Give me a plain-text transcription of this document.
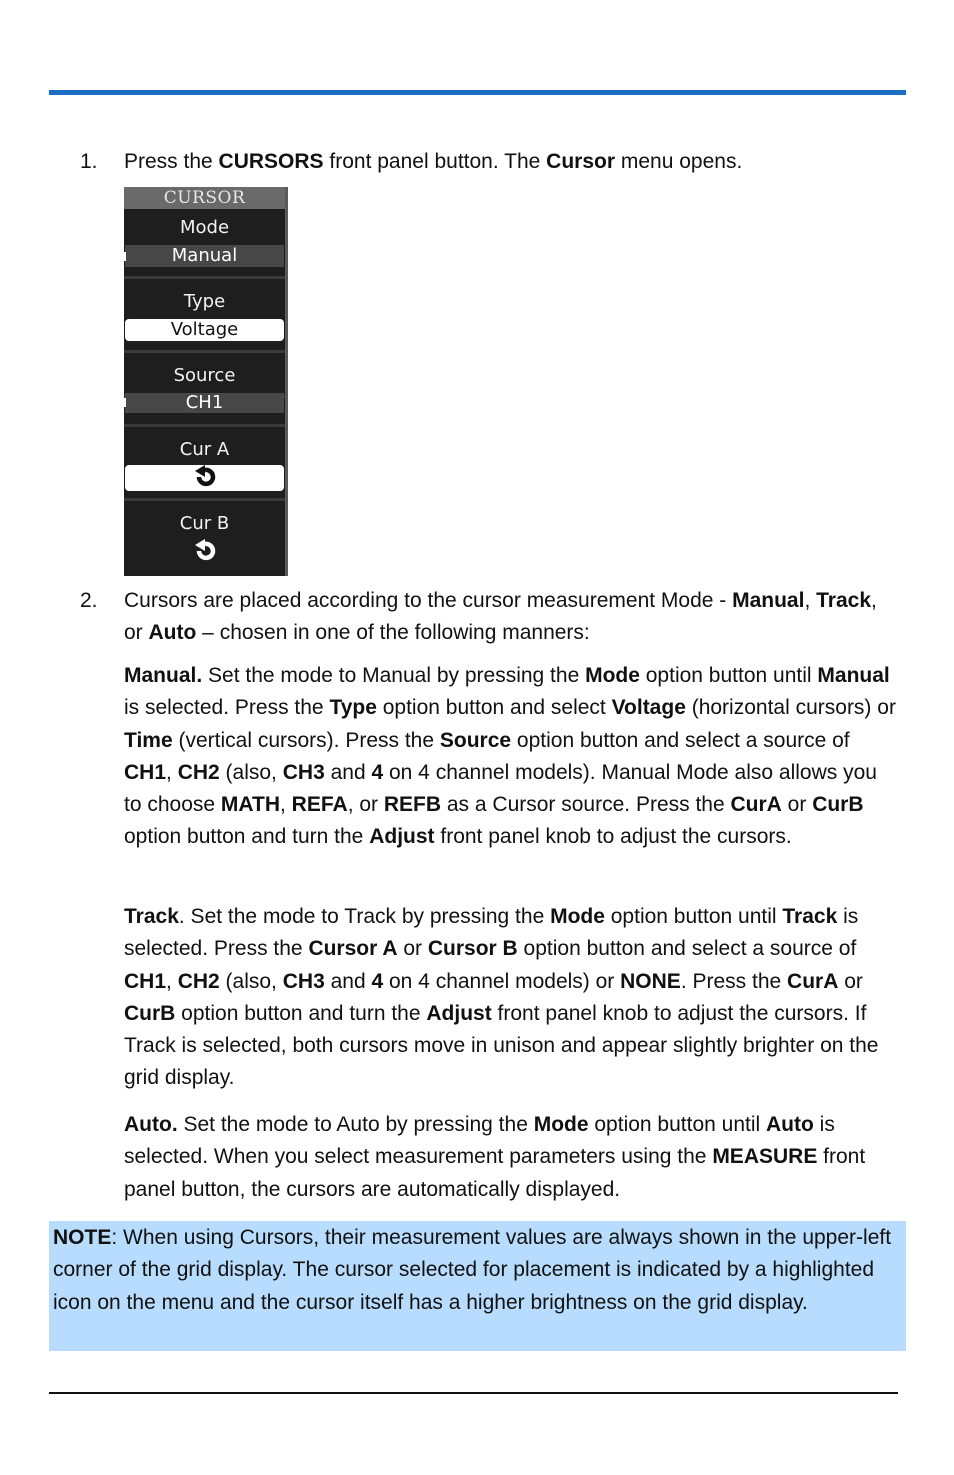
1. Press the CURSORS front panel button. The Cursor menu opens.
CURSOR
Mode
Manual
Type
Voltage
Source
CH1
Cur A
Cur B
2. Cursors are placed according to the cursor measurement Mode - Manual, Track, or Auto – chosen in one of the following manners:
Manual. Set the mode to Manual by pressing the Mode option button until Manual is selected. Press the Type option button and select Voltage (horizontal cursors) or Time (vertical cursors). Press the Source option button and select a source of CH1, CH2 (also, CH3 and 4 on 4 channel models). Manual Mode also allows you to choose MATH, REFA, or REFB as a Cursor source. Press the CurA or CurB option button and turn the Adjust front panel knob to adjust the cursors.
Track. Set the mode to Track by pressing the Mode option button until Track is selected. Press the Cursor A or Cursor B option button and select a source of CH1, CH2 (also, CH3 and 4 on 4 channel models) or NONE. Press the CurA or CurB option button and turn the Adjust front panel knob to adjust the cursors. If Track is selected, both cursors move in unison and appear slightly brighter on the grid display.
Auto. Set the mode to Auto by pressing the Mode option button until Auto is selected. When you select measurement parameters using the MEASURE front panel button, the cursors are automatically displayed.
NOTE: When using Cursors, their measurement values are always shown in the upper-left corner of the grid display. The cursor selected for placement is indicated by a highlighted icon on the menu and the cursor itself has a higher brightness on the grid display.
